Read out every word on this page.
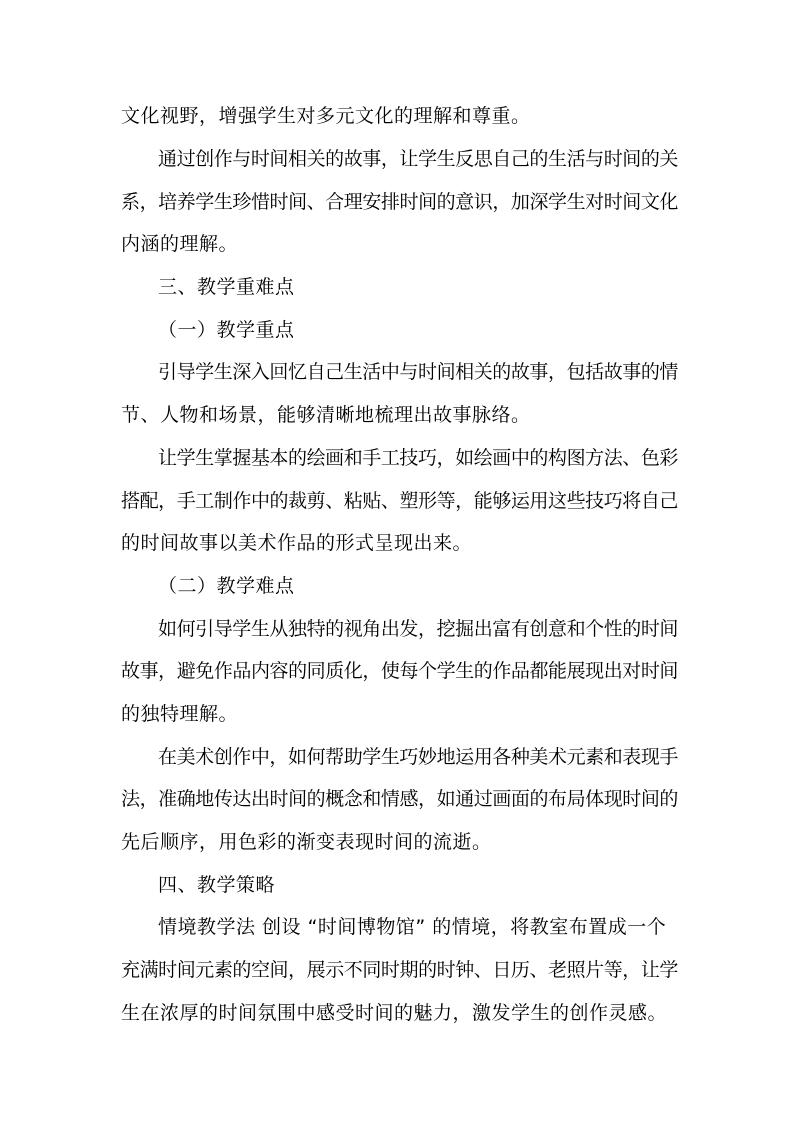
文化视野，增强学生对多元文化的理解和尊重。
通过创作与时间相关的故事，让学生反思自己的生活与时间的关
系，培养学生珍惜时间、合理安排时间的意识，加深学生对时间文化
内涵的理解。
三、教学重难点
（一）教学重点
引导学生深入回忆自己生活中与时间相关的故事，包括故事的情
节、人物和场景，能够清晰地梳理出故事脉络。
让学生掌握基本的绘画和手工技巧，如绘画中的构图方法、色彩
搭配，手工制作中的裁剪、粘贴、塑形等，能够运用这些技巧将自己
的时间故事以美术作品的形式呈现出来。
（二）教学难点
如何引导学生从独特的视角出发，挖掘出富有创意和个性的时间
故事，避免作品内容的同质化，使每个学生的作品都能展现出对时间
的独特理解。
在美术创作中，如何帮助学生巧妙地运用各种美术元素和表现手
法，准确地传达出时间的概念和情感，如通过画面的布局体现时间的
先后顺序，用色彩的渐变表现时间的流逝。
四、教学策略
情境教学法 创设 “时间博物馆” 的情境，将教室布置成一个
充满时间元素的空间，展示不同时期的时钟、日历、老照片等，让学
生在浓厚的时间氛围中感受时间的魅力，激发学生的创作灵感。
